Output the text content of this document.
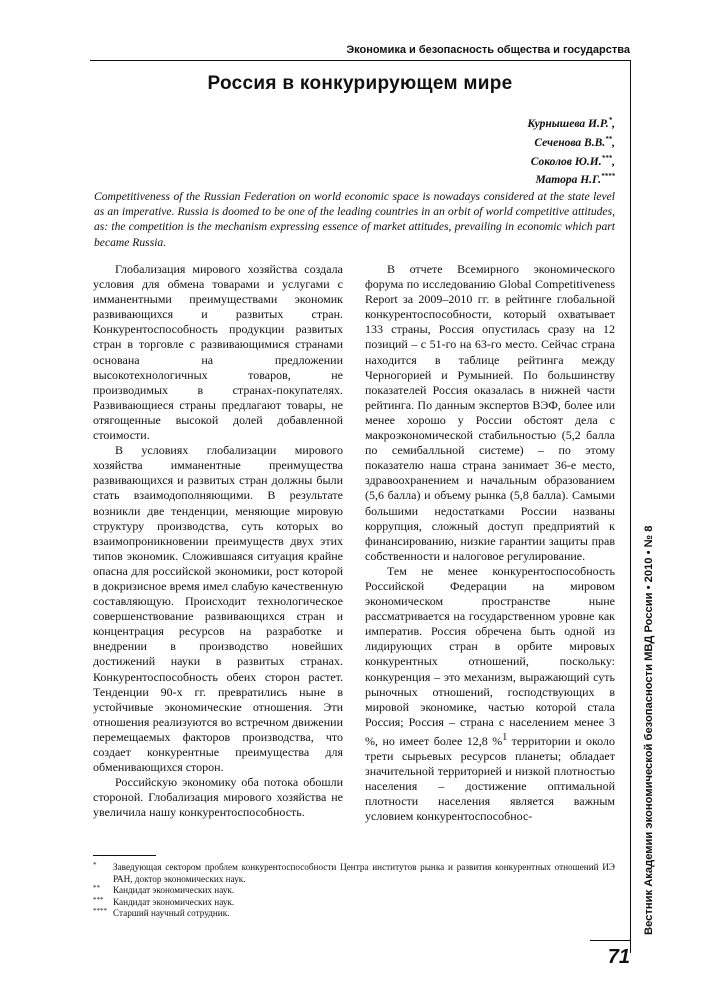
Экономика и безопасность общества и государства
Россия в конкурирующем мире
Курнышева И.Р.*,
Сеченова В.В.**,
Соколов Ю.И.***,
Матора Н.Г.****
Competitiveness of the Russian Federation on world economic space is nowadays considered at the state level as an imperative. Russia is doomed to be one of the leading countries in an orbit of world competitive attitudes, as: the competition is the mechanism expressing essence of market attitudes, prevailing in economic which part became Russia.

Глобализация мирового хозяйства создала условия для обмена товарами и услугами с иммaнентными преимуществами экономик развивающихся и развитых стран. Конкурентоспособность продукции развитых стран в торговле с развивающимися странами основана на предложении высокотехнологичных товаров, не производимых в странах-покупателях. Развивающиеся страны предлагают товары, не отягощенные высокой долей добавленной стоимости.

В условиях глобализации мирового хозяйства иммaнентные преимущества развивающихся и развитых стран должны были стать взаимодополняющими. В результате возникли две тенденции, меняющие мировую структуру производства, суть которых во взаимопроникновении преимуществ двух этих типов экономик. Сложившаяся ситуация крайне опасна для российской экономики, рост которой в докризисное время имел слабую качественную составляющую. Происходит технологическое совершенствование развивающихся стран и концентрация ресурсов на разработке и внедрении в производство новейших достижений науки в развитых странах. Конкурентоспособность обеих сторон растет. Тенденции 90-х гг. превратились ныне в устойчивые экономические отношения. Эти отношения реализуются во встречном движении перемещаемых факторов производства, что создает конкурентные преимущества для обменивающихся сторон.

Российскую экономику оба потока обошли стороной. Глобализация мирового хозяйства не увеличила нашу конкурентоспособность.

В отчете Всемирного экономического форума по исследованию Global Competitiveness Report за 2009–2010 гг. в рейтинге глобальной конкурентоспособности, который охватывает 133 страны, Россия опустилась сразу на 12 позиций – с 51-го на 63-го место. Сейчас страна находится в таблице рейтинга между Черногорией и Румынией. По большинству показателей Россия оказалась в нижней части рейтинга. По данным экспертов ВЭФ, более или менее хорошо у России обстоят дела с макроэкономической стабильностью (5,2 балла по семибалльной системе) – по этому показателю наша страна занимает 36-е место, здравоохранением и начальным образованием (5,6 балла) и объему рынка (5,8 балла). Самыми большими недостатками России названы коррупция, сложный доступ предприятий к финансированию, низкие гарантии защиты прав собственности и налоговое регулирование.

Тем не менее конкурентоспособность Российской Федерации на мировом экономическом пространстве ныне рассматривается на государственном уровне как императив. Россия обречена быть одной из лидирующих стран в орбите мировых конкурентных отношений, поскольку: конкуренция – это механизм, выражающий суть рыночных отношений, господствующих в мировой экономике, частью которой стала Россия; Россия – страна с населением менее 3 %, но имеет более 12,8 %$^1$ территории и около трети сырьевых ресурсов планеты; обладает значительной территорией и низкой плотностью населения – достижение оптимальной плотности населения является важным условием конкурентоспособнос-

* Заведующая сектором проблем конкурентоспособности Центра институтов рынка и развития конкурентных отношений ИЭ РАН, доктор экономических наук.
** Кандидат экономических наук.
*** Кандидат экономических наук.
**** Старший научный сотрудник.	Вестник Академии экономической безопасности МВД России • 2010 • № 8
71
